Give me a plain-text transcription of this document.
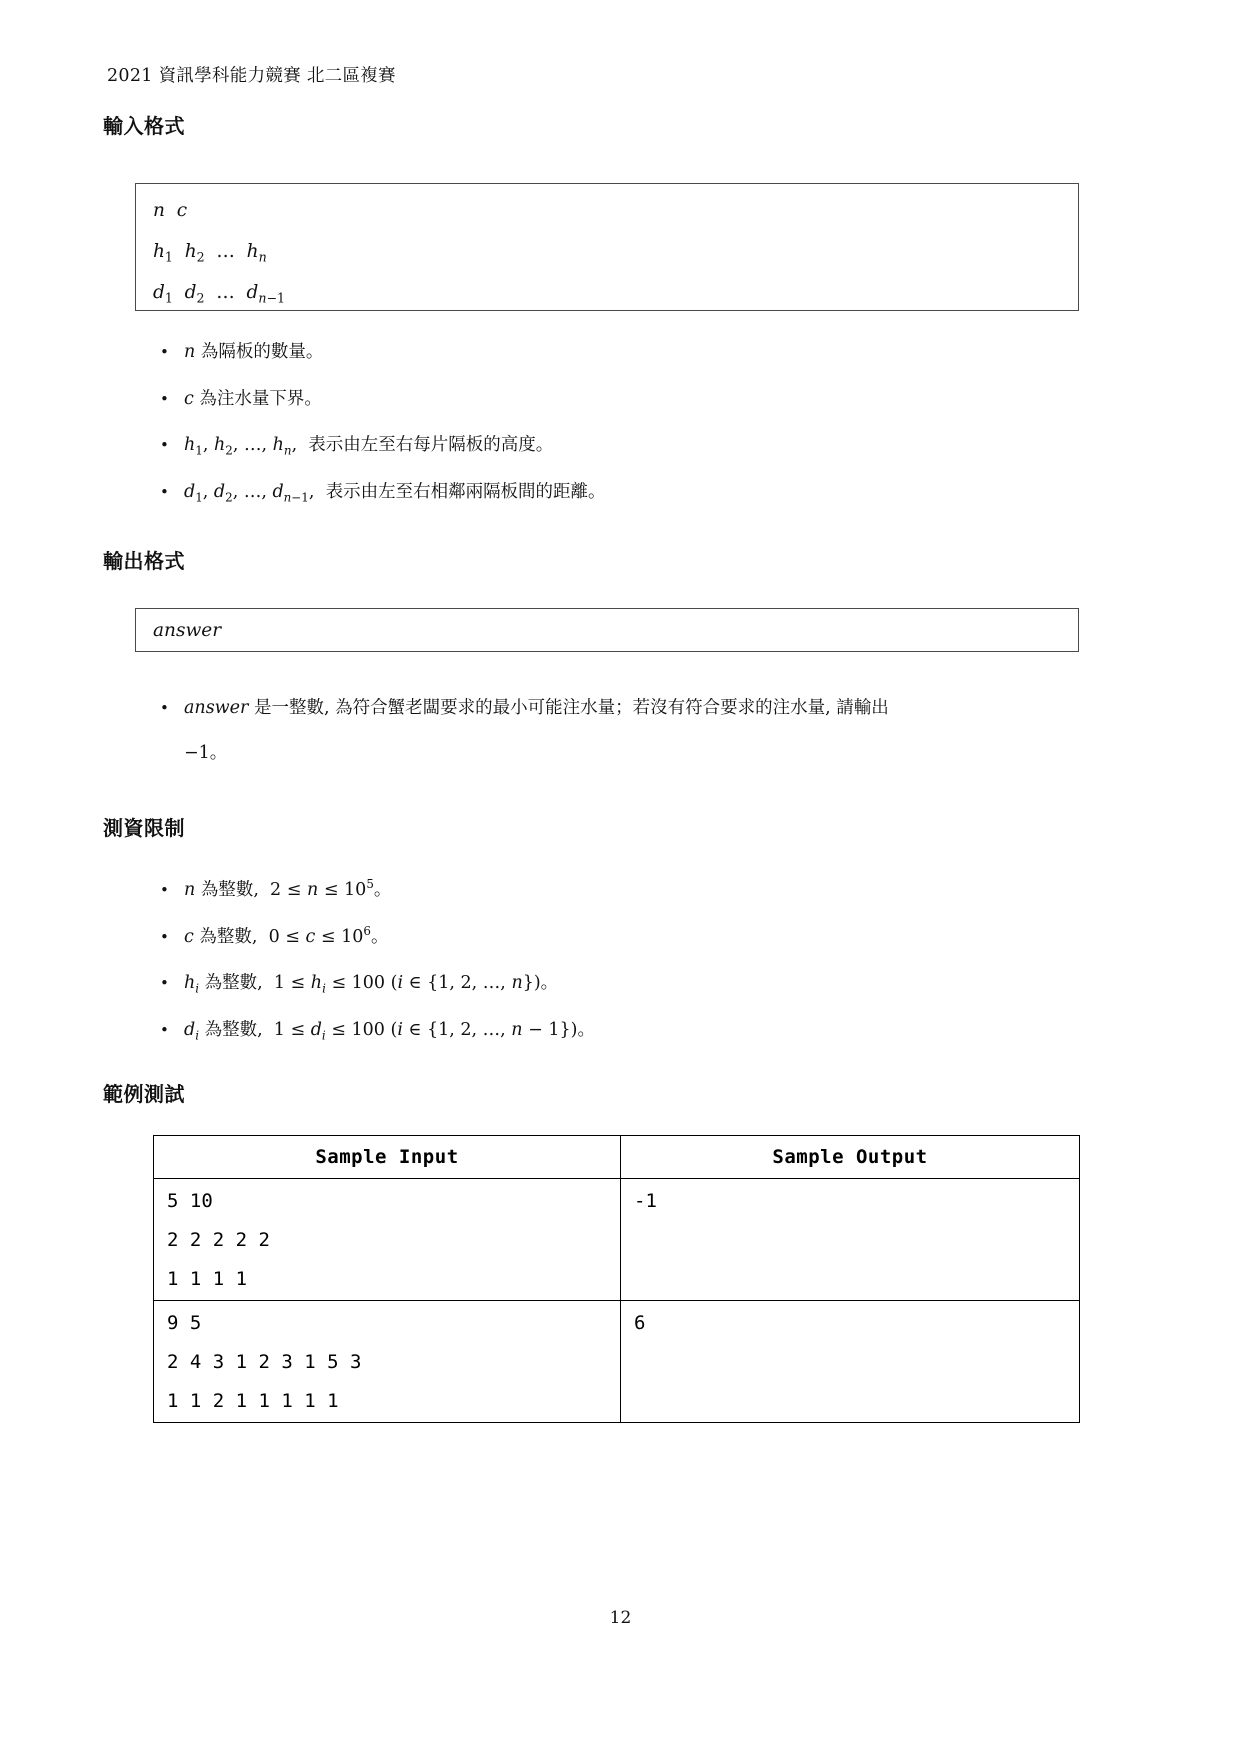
2021 資訊學科能力競賽 北二區複賽
輸入格式
n c
$h_1$ $h_2$  …  $h_n$
$d_1$ $d_2$  …  $d_{n-1}$
• n 為隔板的數量。
• c 為注水量下界。
• $h_1$, $h_2$, …, $h_n$,  表示由左至右每片隔板的高度。
• $d_1$, $d_2$, …, $d_{n-1}$,  表示由左至右相鄰兩隔板間的距離。
輸出格式
answer
• answer 是一整數, 為符合蟹老闆要求的最小可能注水量；若沒有符合要求的注水量, 請輸出
−1。
測資限制
• n 為整數,  $2 \le n \le 10^5$。
• c 為整數,  $0 \le c \le 10^6$。
• $h_i$ 為整數,  $1 \le h_i \le 100$ (i ∈ {1, 2, …, n})。
• $d_i$ 為整數,  $1 \le d_i \le 100$ (i ∈ {1, 2, …, n − 1})。
範例測試
Sample Input	Sample Output

5 10
2 2 2 2 2
1 1 1 1	-1

9 5
2 4 3 1 2 3 1 5 3
1 1 2 1 1 1 1 1	6
12
